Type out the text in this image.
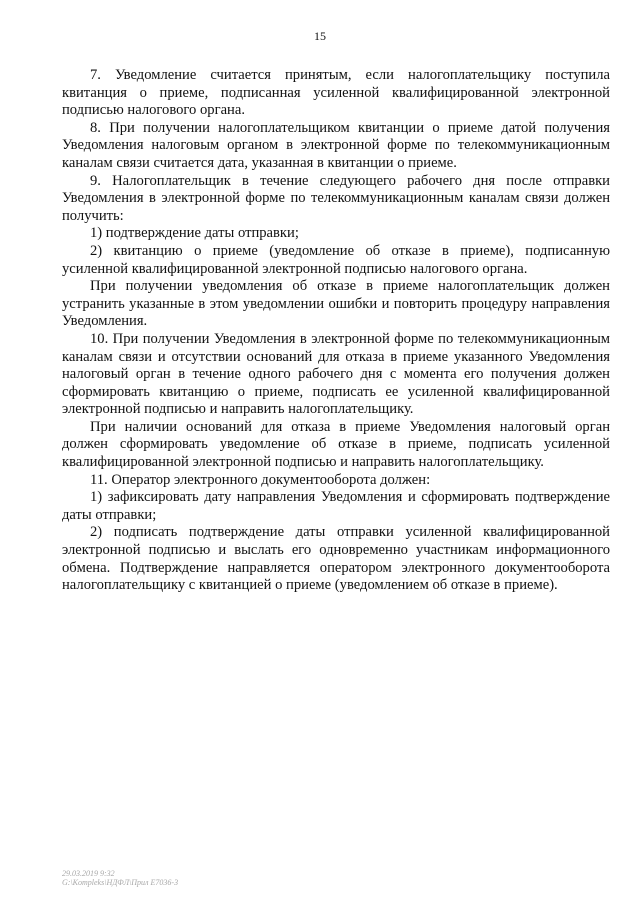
15

7. Уведомление считается принятым, если налогоплательщику поступила квитанция о приеме, подписанная усиленной квалифицированной электронной подписью налогового органа.

8. При получении налогоплательщиком квитанции о приеме датой получения Уведомления налоговым органом в электронной форме по телекоммуникационным каналам связи считается дата, указанная в квитанции о приеме.

9. Налогоплательщик в течение следующего рабочего дня после отправки Уведомления в электронной форме по телекоммуникационным каналам связи должен получить:

1) подтверждение даты отправки;

2) квитанцию о приеме (уведомление об отказе в приеме), подписанную усиленной квалифицированной электронной подписью налогового органа.

При получении уведомления об отказе в приеме налогоплательщик должен устранить указанные в этом уведомлении ошибки и повторить процедуру направления Уведомления.

10. При получении Уведомления в электронной форме по телекоммуникационным каналам связи и отсутствии оснований для отказа в приеме указанного Уведомления налоговый орган в течение одного рабочего дня с момента его получения должен сформировать квитанцию о приеме, подписать ее усиленной квалифицированной электронной подписью и направить налогоплательщику.

При наличии оснований для отказа в приеме Уведомления налоговый орган должен сформировать уведомление об отказе в приеме, подписать усиленной квалифицированной электронной подписью и направить налогоплательщику.

11. Оператор электронного документооборота должен:

1) зафиксировать дату направления Уведомления и сформировать подтверждение даты отправки;

2) подписать подтверждение даты отправки усиленной квалифицированной электронной подписью и выслать его одновременно участникам информационного обмена. Подтверждение направляется оператором электронного документооборота налогоплательщику с квитанцией о приеме (уведомлением об отказе в приеме).

29.03.2019 9:32
G:\Kompleks\НДФЛ\Прил Е7036-3
